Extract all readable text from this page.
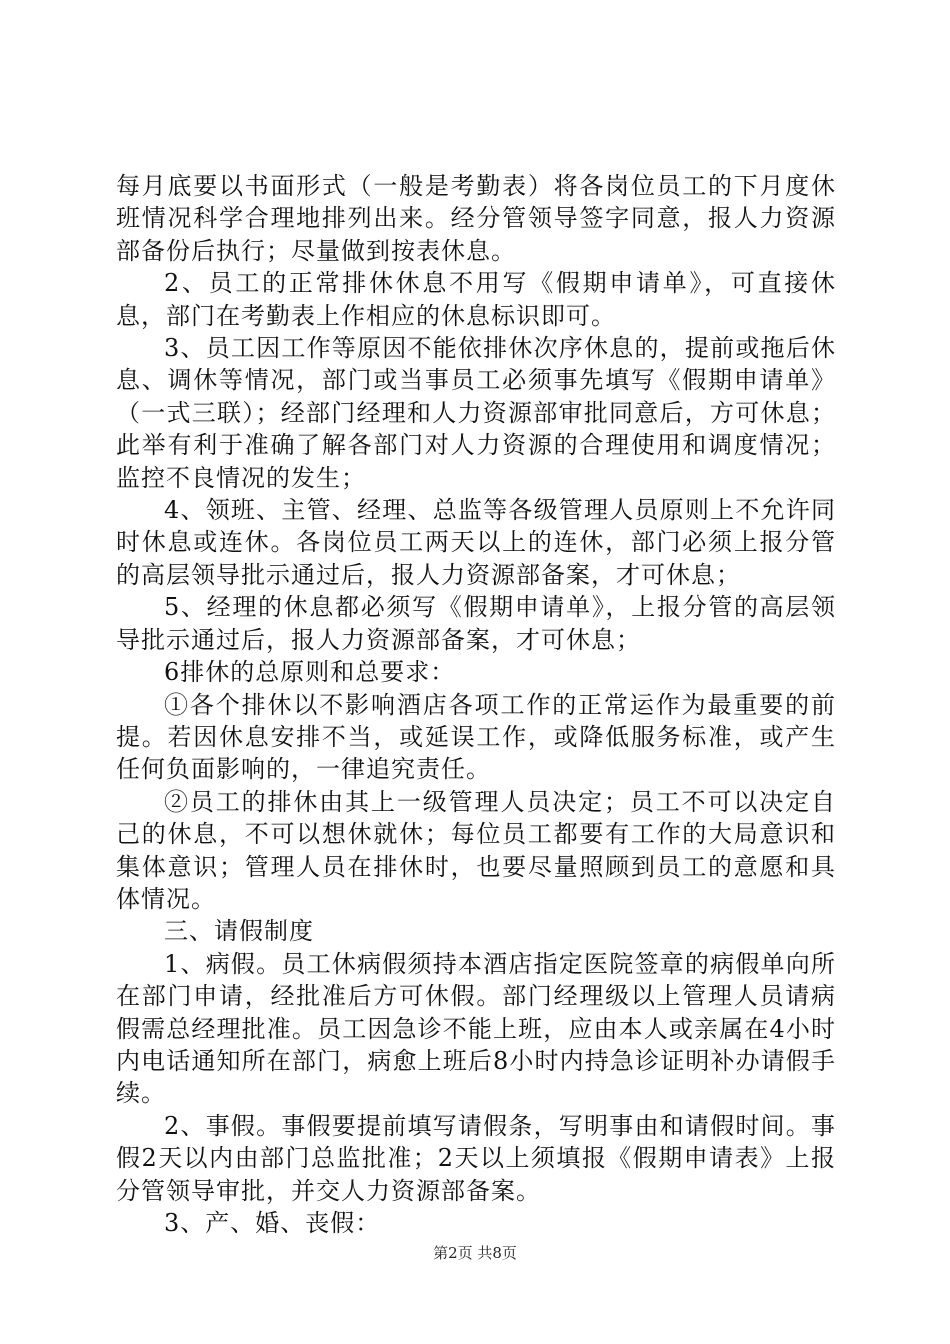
每月底要以书面形式（一般是考勤表）将各岗位员工的下月度休班情况科学合理地排列出来。经分管领导签字同意，报人力资源部备份后执行；尽量做到按表休息。

2、员工的正常排休休息不用写《假期申请单》，可直接休息，部门在考勤表上作相应的休息标识即可。

3、员工因工作等原因不能依排休次序休息的，提前或拖后休息、调休等情况，部门或当事员工必须事先填写《假期申请单》（一式三联）；经部门经理和人力资源部审批同意后，方可休息；此举有利于准确了解各部门对人力资源的合理使用和调度情况；监控不良情况的发生；

4、领班、主管、经理、总监等各级管理人员原则上不允许同时休息或连休。各岗位员工两天以上的连休，部门必须上报分管的高层领导批示通过后，报人力资源部备案，才可休息；

5、经理的休息都必须写《假期申请单》，上报分管的高层领导批示通过后，报人力资源部备案，才可休息；

6排休的总原则和总要求：

①各个排休以不影响酒店各项工作的正常运作为最重要的前提。若因休息安排不当，或延误工作，或降低服务标准，或产生任何负面影响的，一律追究责任。

②员工的排休由其上一级管理人员决定；员工不可以决定自己的休息，不可以想休就休；每位员工都要有工作的大局意识和集体意识；管理人员在排休时，也要尽量照顾到员工的意愿和具体情况。

三、请假制度

1、病假。员工休病假须持本酒店指定医院签章的病假单向所在部门申请，经批准后方可休假。部门经理级以上管理人员请病假需总经理批准。员工因急诊不能上班，应由本人或亲属在4小时内电话通知所在部门，病愈上班后8小时内持急诊证明补办请假手续。

2、事假。事假要提前填写请假条，写明事由和请假时间。事假2天以内由部门总监批准；2天以上须填报《假期申请表》上报分管领导审批，并交人力资源部备案。

3、产、婚、丧假：

第2页 共8页
